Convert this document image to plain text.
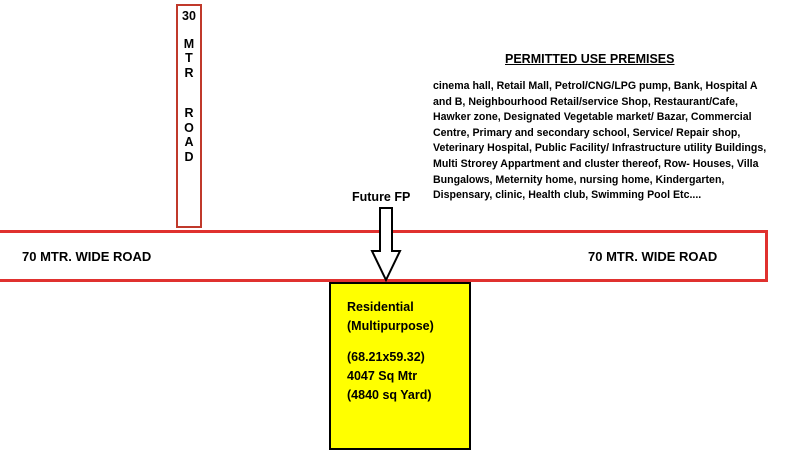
30
M
T
R
R
O
A
D
70 MTR. WIDE ROAD	70 MTR. WIDE ROAD
PERMITTED USE PREMISES
cinema hall, Retail Mall, Petrol/CNG/LPG pump, Bank, Hospital A and B, Neighbourhood Retail/service Shop, Restaurant/Cafe, Hawker zone, Designated Vegetable market/ Bazar, Commercial Centre, Primary and secondary school, Service/ Repair shop, Veterinary Hospital, Public Facility/ Infrastructure utility Buildings, Multi Strorey Appartment and cluster thereof, Row- Houses, Villa Bungalows, Meternity home, nursing home, Kindergarten, Dispensary, clinic, Health club, Swimming Pool Etc....
Future FP
Residential
(Multipurpose)
(68.21x59.32)
4047 Sq Mtr
(4840 sq Yard)
